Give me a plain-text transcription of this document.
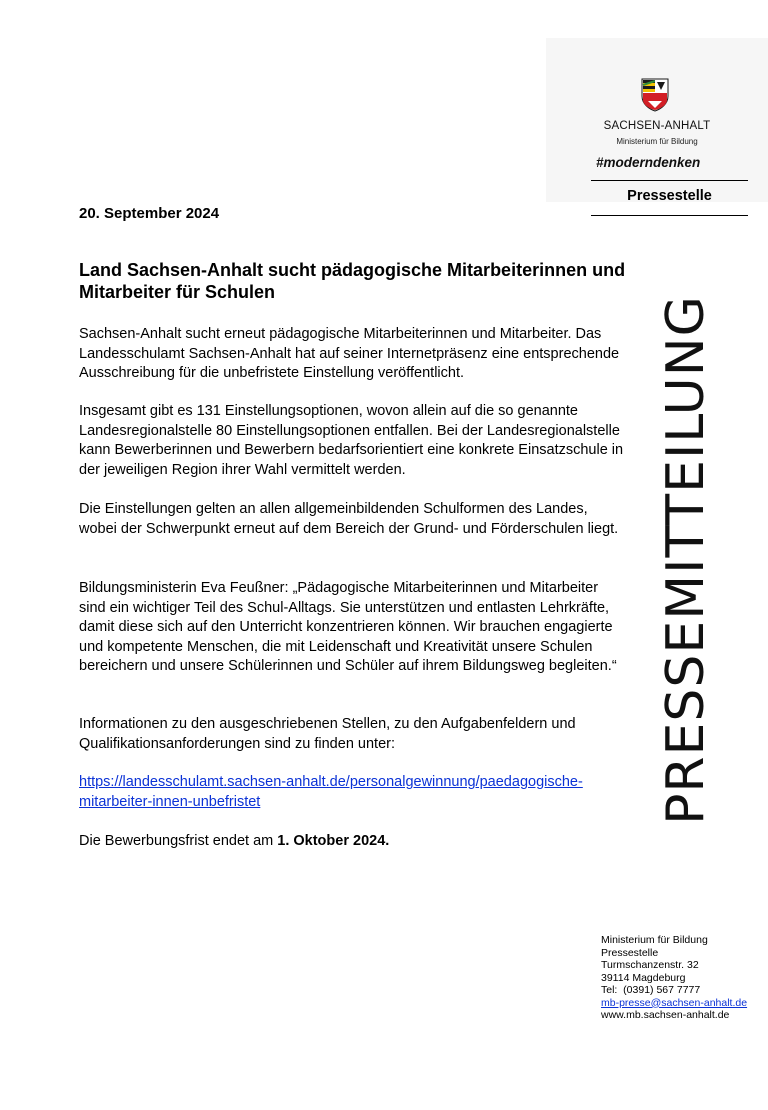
SACHSEN-ANHALT
Ministerium für Bildung
#moderndenken
Pressestelle
PRESSEMITTEILUNG
20. September 2024
Land Sachsen-Anhalt sucht pädagogische Mitarbeiterinnen und Mitarbeiter für Schulen

Sachsen-Anhalt sucht erneut pädagogische Mitarbeiterinnen und Mitarbeiter. Das Landesschulamt Sachsen-Anhalt hat auf seiner Internetpräsenz eine entsprechende Ausschreibung für die unbefristete Einstellung veröffentlicht.

Insgesamt gibt es 131 Einstellungsoptionen, wovon allein auf die so genannte Landesregionalstelle 80 Einstellungsoptionen entfallen. Bei der Landesregionalstelle kann Bewerberinnen und Bewerbern bedarfsorientiert eine konkrete Einsatzschule in der jeweiligen Region ihrer Wahl vermittelt werden.

Die Einstellungen gelten an allen allgemeinbildenden Schulformen des Landes, wobei der Schwerpunkt erneut auf dem Bereich der Grund- und Förderschulen liegt.

Bildungsministerin Eva Feußner: „Pädagogische Mitarbeiterinnen und Mitarbeiter sind ein wichtiger Teil des Schul-Alltags. Sie unterstützen und entlasten Lehrkräfte, damit diese sich auf den Unterricht konzentrieren können. Wir brauchen engagierte und kompetente Menschen, die mit Leidenschaft und Kreativität unsere Schulen bereichern und unsere Schülerinnen und Schüler auf ihrem Bildungsweg begleiten.“

Informationen zu den ausgeschriebenen Stellen, zu den Aufgabenfeldern und Qualifikationsanforderungen sind zu finden unter:

https://landesschulamt.sachsen-anhalt.de/personalgewinnung/paedagogische-
mitarbeiter-innen-unbefristet

Die Bewerbungsfrist endet am 1. Oktober 2024.

Ministerium für Bildung
Pressestelle
Turmschanzenstr. 32
39114 Magdeburg
Tel:  (0391) 567 7777
mb-presse@sachsen-anhalt.de
www.mb.sachsen-anhalt.de
